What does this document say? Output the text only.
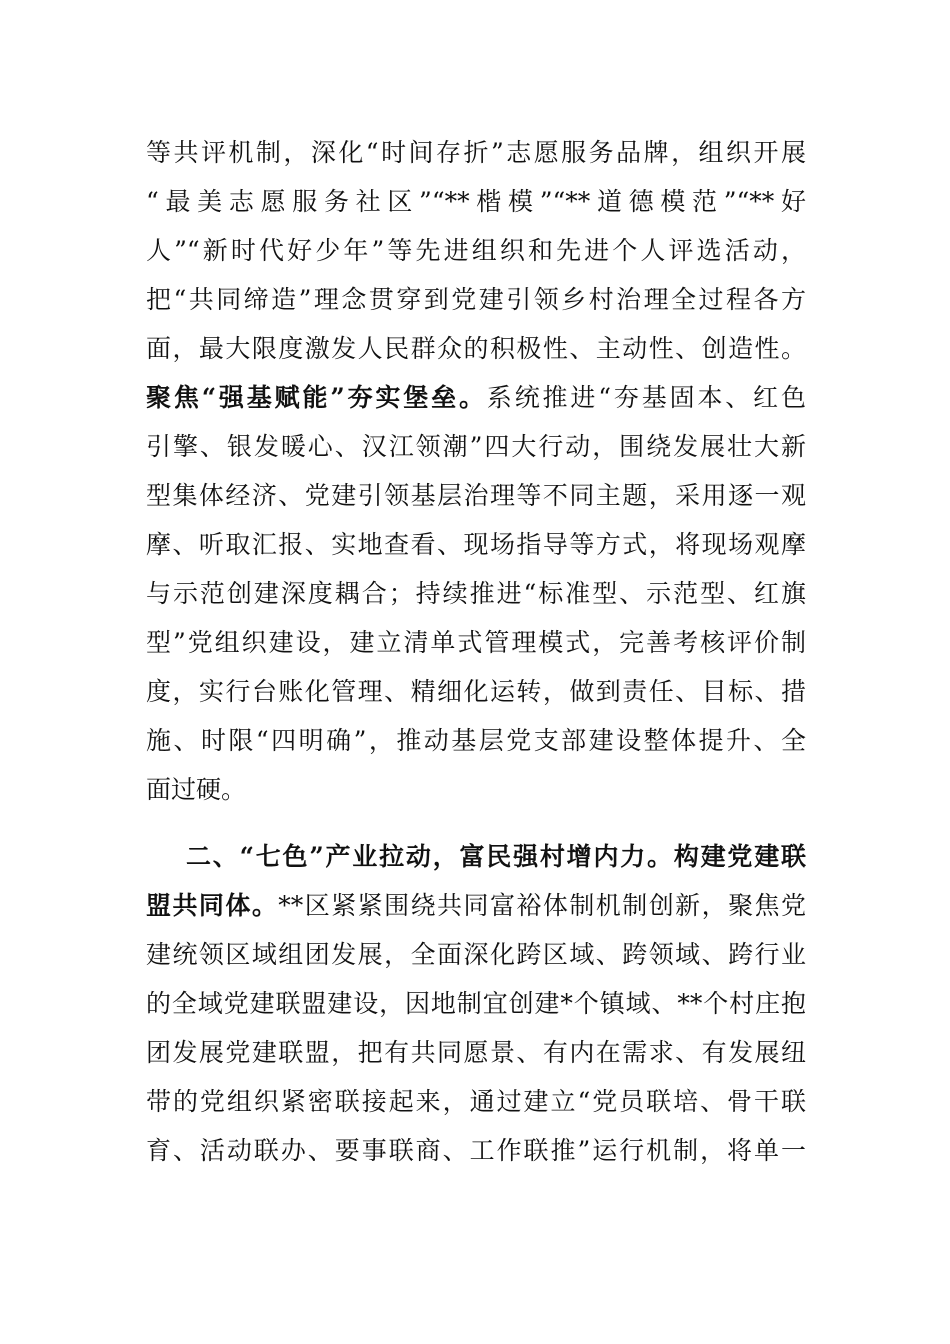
等共评机制，深化“时间存折”志愿服务品牌，组织开展
“最美志愿服务社区”“**楷模”“**道德模范”“**好
人”“新时代好少年”等先进组织和先进个人评选活动，
把“共同缔造”理念贯穿到党建引领乡村治理全过程各方
面，最大限度激发人民群众的积极性、主动性、创造性。
聚焦“强基赋能”夯实堡垒。系统推进“夯基固本、红色
引擎、银发暖心、汉江领潮”四大行动，围绕发展壮大新
型集体经济、党建引领基层治理等不同主题，采用逐一观
摩、听取汇报、实地查看、现场指导等方式，将现场观摩
与示范创建深度耦合；持续推进“标准型、示范型、红旗
型”党组织建设，建立清单式管理模式，完善考核评价制
度，实行台账化管理、精细化运转，做到责任、目标、措
施、时限“四明确”，推动基层党支部建设整体提升、全
面过硬。
二、“七色”产业拉动，富民强村增内力。构建党建联
盟共同体。**区紧紧围绕共同富裕体制机制创新，聚焦党
建统领区域组团发展，全面深化跨区域、跨领域、跨行业
的全域党建联盟建设，因地制宜创建*个镇域、**个村庄抱
团发展党建联盟，把有共同愿景、有内在需求、有发展纽
带的党组织紧密联接起来，通过建立“党员联培、骨干联
育、活动联办、要事联商、工作联推”运行机制，将单一
